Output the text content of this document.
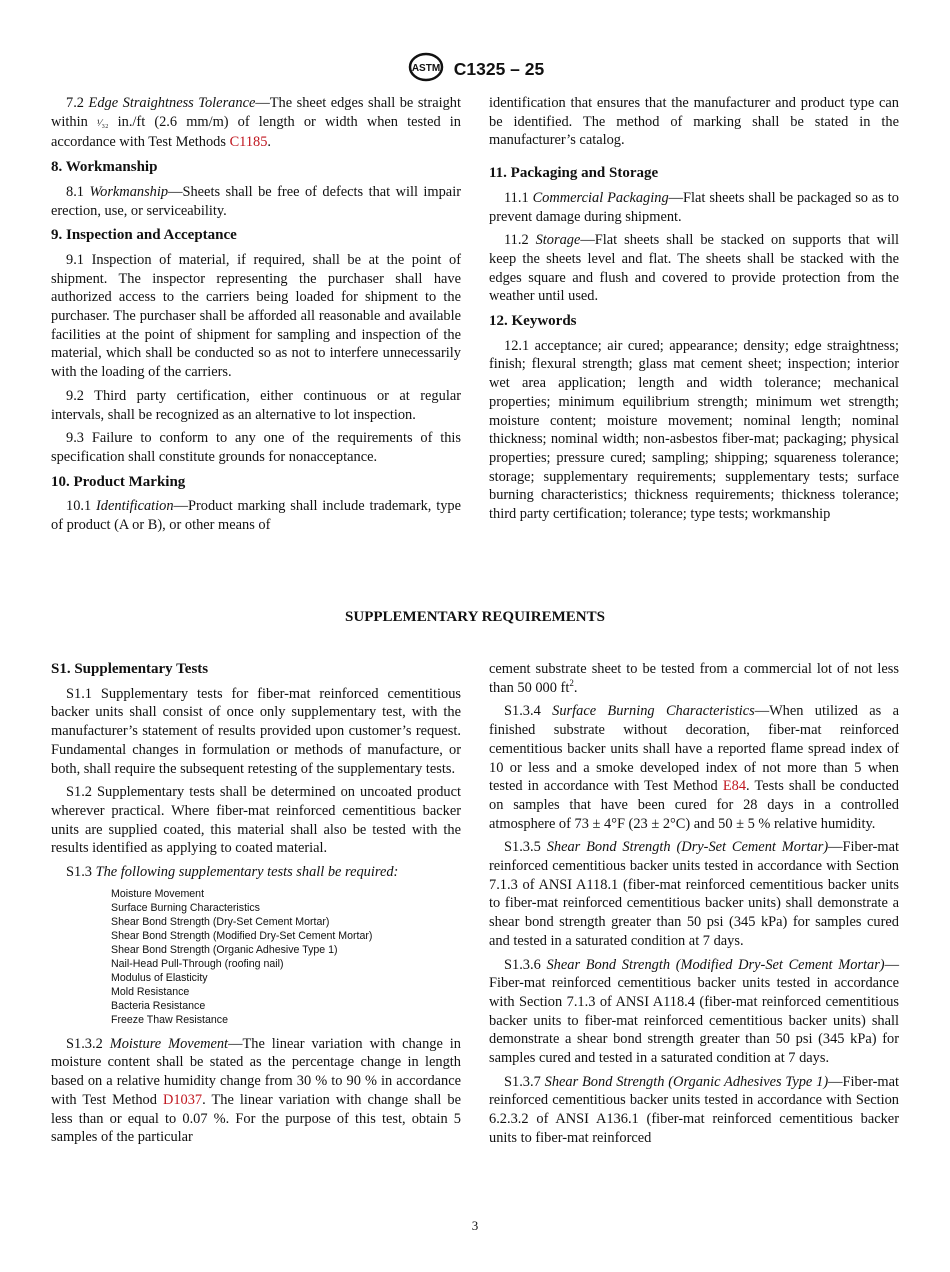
ASTM C1325 – 25

7.2 Edge Straightness Tolerance—The sheet edges shall be straight within ¹⁄₃₂ in./ft (2.6 mm/m) of length or width when tested in accordance with Test Methods C1185.

8. Workmanship

8.1 Workmanship—Sheets shall be free of defects that will impair erection, use, or serviceability.

9. Inspection and Acceptance

9.1 Inspection of material, if required, shall be at the point of shipment. The inspector representing the purchaser shall have authorized access to the carriers being loaded for shipment to the purchaser. The purchaser shall be afforded all reasonable and available facilities at the point of shipment for sampling and inspection of the material, which shall be conducted so as not to interfere unnecessarily with the loading of the carriers.

9.2 Third party certification, either continuous or at regular intervals, shall be recognized as an alternative to lot inspection.

9.3 Failure to conform to any one of the requirements of this specification shall constitute grounds for nonacceptance.

10. Product Marking

10.1 Identification—Product marking shall include trademark, type of product (A or B), or other means of

identification that ensures that the manufacturer and product type can be identified. The method of marking shall be stated in the manufacturer’s catalog.

11. Packaging and Storage

11.1 Commercial Packaging—Flat sheets shall be packaged so as to prevent damage during shipment.

11.2 Storage—Flat sheets shall be stacked on supports that will keep the sheets level and flat. The sheets shall be stacked with the edges square and flush and covered to provide protection from the weather until used.

12. Keywords

12.1 acceptance; air cured; appearance; density; edge straightness; finish; flexural strength; glass mat cement sheet; inspection; interior wet area application; length and width tolerance; mechanical properties; minimum equilibrium strength; minimum wet strength; moisture content; moisture movement; nominal length; nominal thickness; nominal width; non-asbestos fiber-mat; packaging; physical properties; pressure cured; sampling; shipping; squareness tolerance; storage; supplementary requirements; supplementary tests; surface burning characteristics; thickness requirements; thickness tolerance; third party certification; tolerance; type tests; workmanship

SUPPLEMENTARY REQUIREMENTS
S1. Supplementary Tests

S1.1 Supplementary tests for fiber-mat reinforced cementitious backer units shall consist of once only supplementary test, with the manufacturer’s statement of results provided upon customer’s request. Fundamental changes in formulation or methods of manufacture, or both, shall require the subsequent retesting of the supplementary tests.

S1.2 Supplementary tests shall be determined on uncoated product wherever practical. Where fiber-mat reinforced cementitious backer units are supplied coated, this material shall also be tested with the results identified as applying to coated material.

S1.3 The following supplementary tests shall be required:

Moisture Movement
Surface Burning Characteristics
Shear Bond Strength (Dry-Set Cement Mortar)
Shear Bond Strength (Modified Dry-Set Cement Mortar)
Shear Bond Strength (Organic Adhesive Type 1)
Nail-Head Pull-Through (roofing nail)
Modulus of Elasticity
Mold Resistance
Bacteria Resistance
Freeze Thaw Resistance

S1.3.2 Moisture Movement—The linear variation with change in moisture content shall be stated as the percentage change in length based on a relative humidity change from 30 % to 90 % in accordance with Test Method D1037. The linear variation with change shall be less than or equal to 0.07 %. For the purpose of this test, obtain 5 samples of the particular

cement substrate sheet to be tested from a commercial lot of not less than 50 000 $ft^2$.

S1.3.4 Surface Burning Characteristics—When utilized as a finished substrate without decoration, fiber-mat reinforced cementitious backer units shall have a reported flame spread index of 10 or less and a smoke developed index of not more than 5 when tested in accordance with Test Method E84. Tests shall be conducted on samples that have been cured for 28 days in a controlled atmosphere of 73 ± 4°F (23 ± 2°C) and 50 ± 5 % relative humidity.

S1.3.5 Shear Bond Strength (Dry-Set Cement Mortar)—Fiber-mat reinforced cementitious backer units tested in accordance with Section 7.1.3 of ANSI A118.1 (fiber-mat reinforced cementitious backer units to fiber-mat reinforced cementitious backer units) shall demonstrate a shear bond strength greater than 50 psi (345 kPa) for samples cured and tested in a saturated condition at 7 days.

S1.3.6 Shear Bond Strength (Modified Dry-Set Cement Mortar)—Fiber-mat reinforced cementitious backer units tested in accordance with Section 7.1.3 of ANSI A118.4 (fiber-mat reinforced cementitious backer units to fiber-mat reinforced cementitious backer units) shall demonstrate a shear bond strength greater than 50 psi (345 kPa) for samples cured and tested in a saturated condition at 7 days.

S1.3.7 Shear Bond Strength (Organic Adhesives Type 1)—Fiber-mat reinforced cementitious backer units tested in accordance with Section 6.2.3.2 of ANSI A136.1 (fiber-mat reinforced cementitious backer units to fiber-mat reinforced

3
